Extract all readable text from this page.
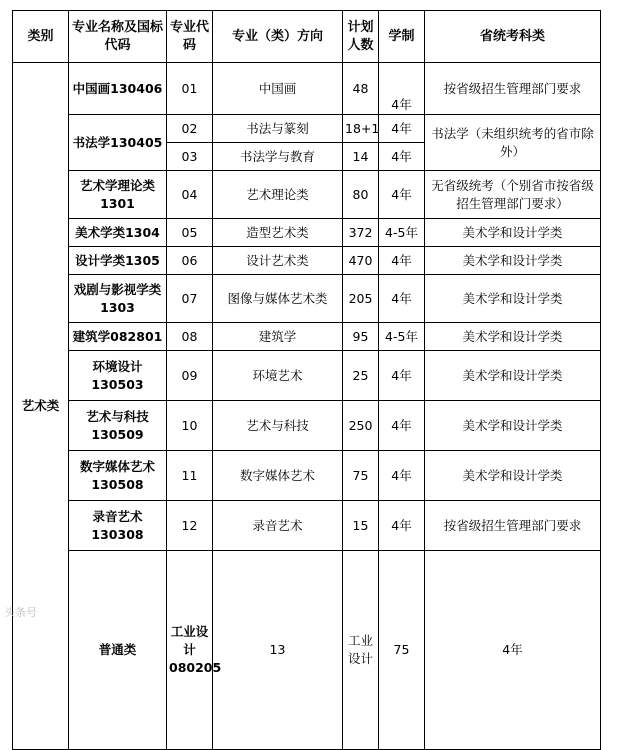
类别	专业名称及国标代码	专业代码	专业（类）方向	计划人数	学制	省统考科类	
艺术类	中国画130406	01	中国画	48	4年	按省级招生管理部门要求	
	书法学130405	02	书法与篆刻	18+1	4年	书法学（未组织统考的省市除外）	
		03	书法学与教育	14	4年		
	艺术学理论类1301	04	艺术理论类	80	4年	无省级统考（个别省市按省级招生管理部门要求）	
	美术学类1304	05	造型艺术类	372	4-5年	美术学和设计学类	
	设计学类1305	06	设计艺术类	470	4年	美术学和设计学类	
	戏剧与影视学类1303	07	图像与媒体艺术类	205	4年	美术学和设计学类	
	建筑学082801	08	建筑学	95	4-5年	美术学和设计学类	
	环境设计130503	09	环境艺术	25	4年	美术学和设计学类	
	艺术与科技130509	10	艺术与科技	250	4年	美术学和设计学类	
	数字媒体艺术130508	11	数字媒体艺术	75	4年	美术学和设计学类	
	录音艺术130308	12	录音艺术	15	4年	按省级招生管理部门要求	
	普通类	工业设计080205	13	工业设计	75	4年	
头条号
